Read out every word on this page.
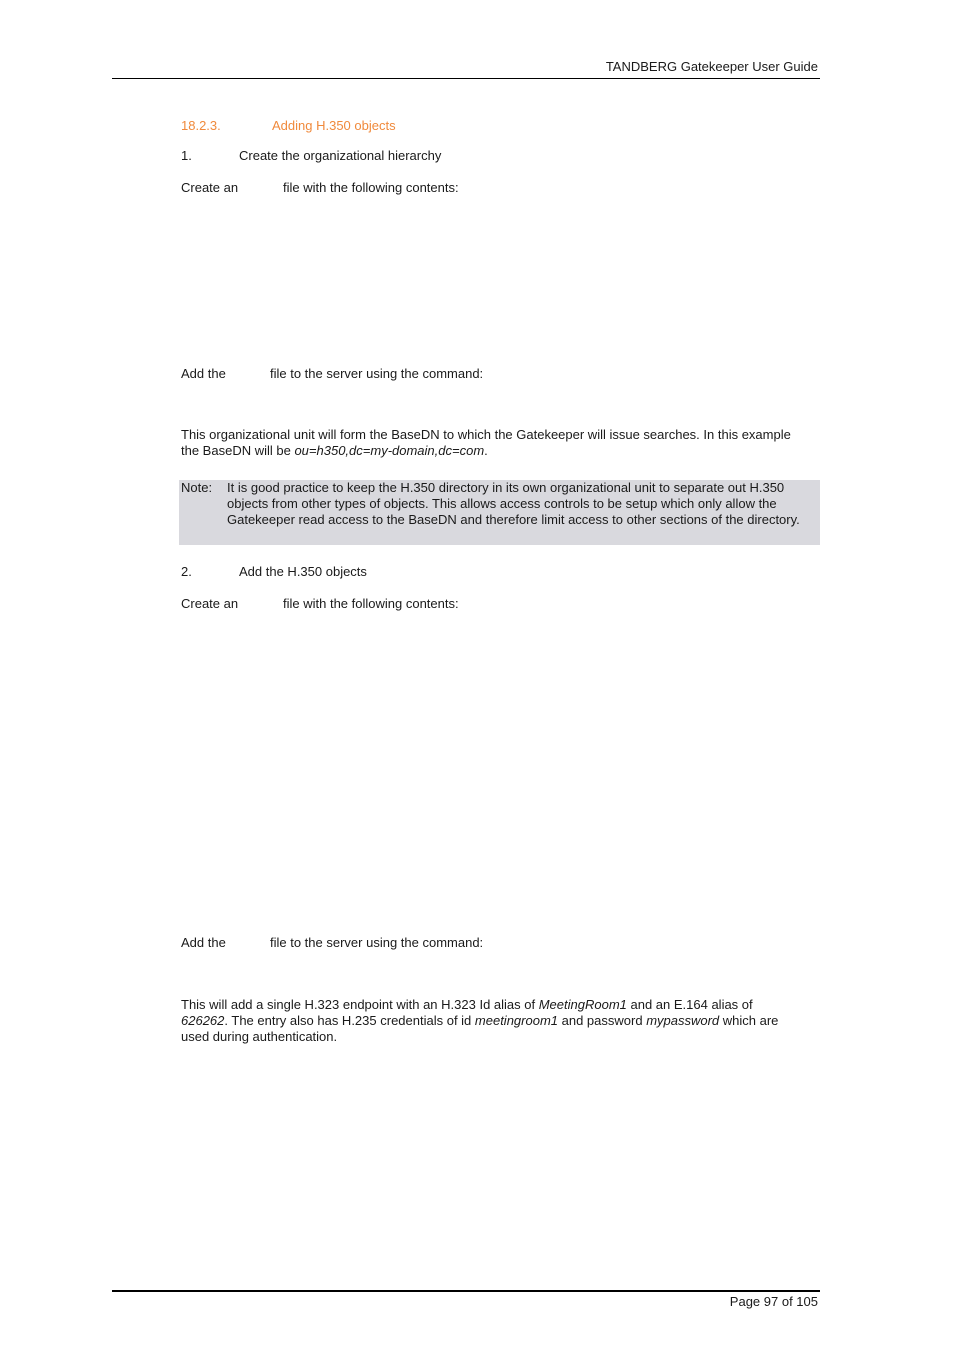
TANDBERG Gatekeeper User Guide
18.2.3.	Adding H.350 objects
1.	Create the organizational hierarchy
Create an	file with the following contents:
Add the	file to the server using the command:
This organizational unit will form the BaseDN to which the Gatekeeper will issue searches. In this example the BaseDN will be ou=h350,dc=my-domain,dc=com.
Note: It is good practice to keep the H.350 directory in its own organizational unit to separate out H.350 objects from other types of objects. This allows access controls to be setup which only allow the Gatekeeper read access to the BaseDN and therefore limit access to other sections of the directory.
2.	Add the H.350 objects
Create an	file with the following contents:
Add the	file to the server using the command:
This will add a single H.323 endpoint with an H.323 Id alias of MeetingRoom1 and an E.164 alias of 626262. The entry also has H.235 credentials of id meetingroom1 and password mypassword which are used during authentication.
Page 97 of 105
